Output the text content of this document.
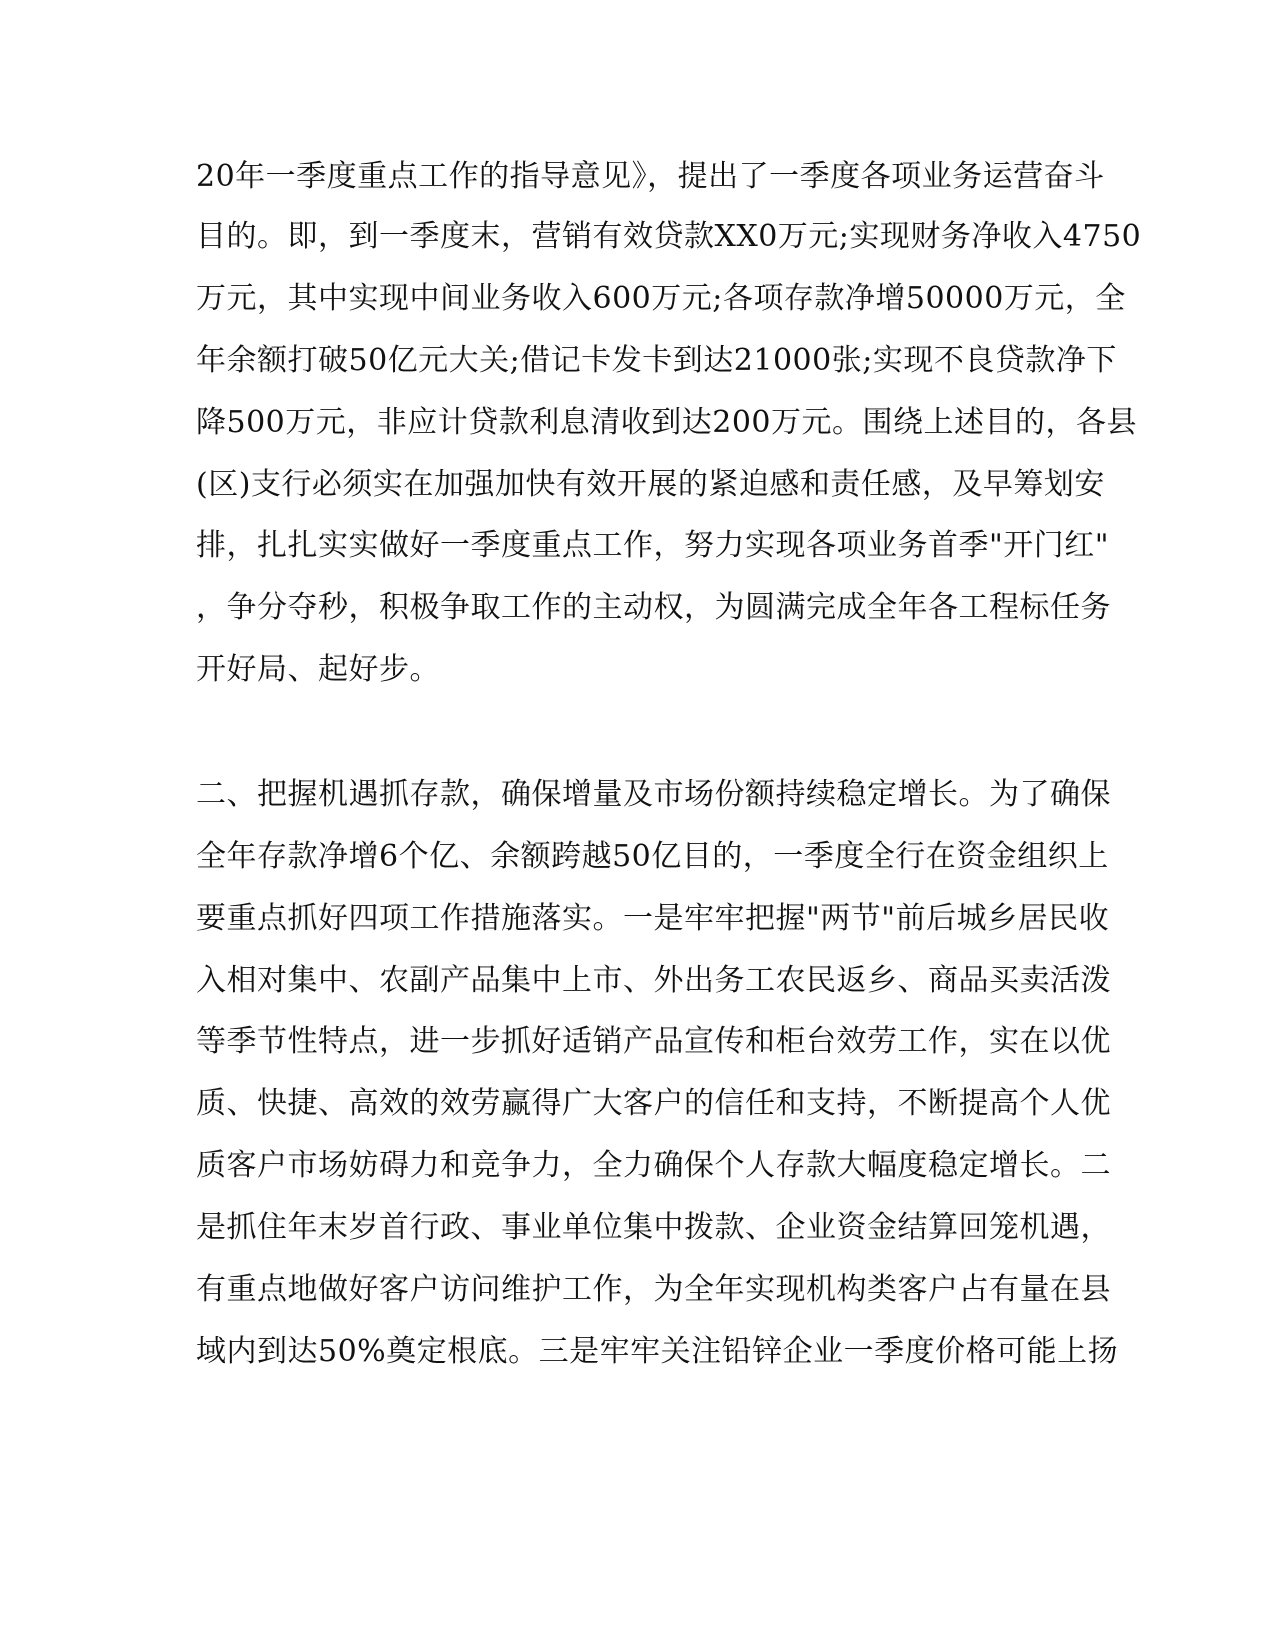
20年一季度重点工作的指导意见》，提出了一季度各项业务运营奋斗
目的。即，到一季度末，营销有效贷款XX0万元;实现财务净收入4750
万元，其中实现中间业务收入600万元;各项存款净增50000万元，全
年余额打破50亿元大关;借记卡发卡到达21000张;实现不良贷款净下
降500万元，非应计贷款利息清收到达200万元。围绕上述目的，各县
(区)支行必须实在加强加快有效开展的紧迫感和责任感，及早筹划安
排，扎扎实实做好一季度重点工作，努力实现各项业务首季"开门红"
，争分夺秒，积极争取工作的主动权，为圆满完成全年各工程标任务
开好局、起好步。
二、把握机遇抓存款，确保增量及市场份额持续稳定增长。为了确保
全年存款净增6个亿、余额跨越50亿目的，一季度全行在资金组织上
要重点抓好四项工作措施落实。一是牢牢把握"两节"前后城乡居民收
入相对集中、农副产品集中上市、外出务工农民返乡、商品买卖活泼
等季节性特点，进一步抓好适销产品宣传和柜台效劳工作，实在以优
质、快捷、高效的效劳赢得广大客户的信任和支持，不断提高个人优
质客户市场妨碍力和竞争力，全力确保个人存款大幅度稳定增长。二
是抓住年末岁首行政、事业单位集中拨款、企业资金结算回笼机遇，
有重点地做好客户访问维护工作，为全年实现机构类客户占有量在县
域内到达50%奠定根底。三是牢牢关注铅锌企业一季度价格可能上扬
